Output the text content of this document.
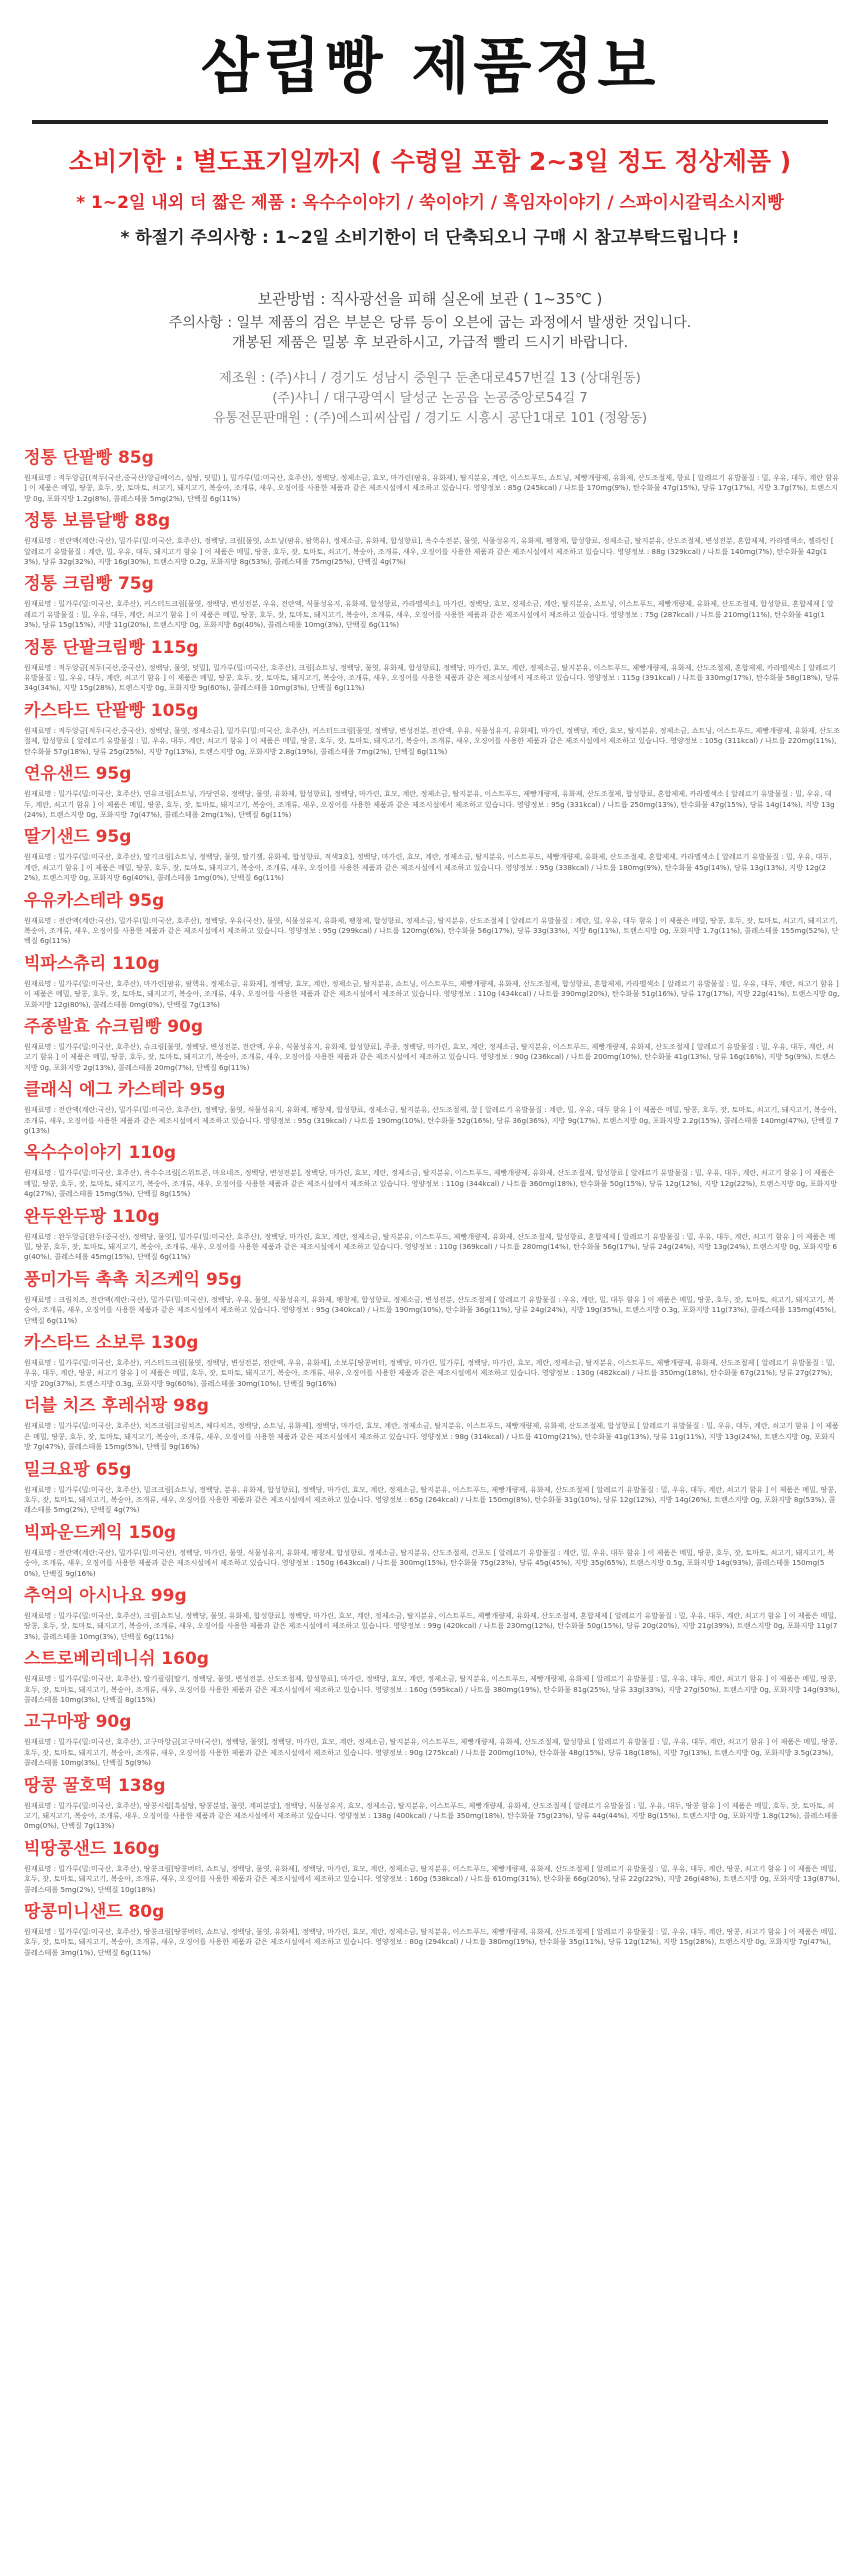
삼립빵 제품정보

소비기한 : 별도표기일까지 ( 수령일 포함 2~3일 정도 정상제품 )

* 1~2일 내외 더 짧은 제품 : 옥수수이야기 / 쑥이야기 / 흑임자이야기 / 스파이시갈릭소시지빵

* 하절기 주의사항 : 1~2일 소비기한이 더 단축되오니 구매 시 참고부탁드립니다 !

보관방법 : 직사광선을 피해 실온에 보관 ( 1~35℃ )
주의사항 : 일부 제품의 검은 부분은 당류 등이 오븐에 굽는 과정에서 발생한 것입니다.
개봉된 제품은 밀봉 후 보관하시고, 가급적 빨리 드시기 바랍니다.
제조원 : (주)샤니 / 경기도 성남시 중원구 둔촌대로457번길 13 (상대원동)
(주)샤니 / 대구광역시 달성군 논공읍 논공중앙로54길 7
유통전문판매원 : (주)에스피씨삼립 / 경기도 시흥시 공단1대로 101 (정왕동)
정통 단팥빵 85g

원재료명 : 적두앙금[(적두(국산,중국산)앙금베이스, 설탕, 덧밀) ], 밀가루(밀:미국산, 호주산), 정백당, 정제소금, 효모, 마가린(팜유, 유화제), 탈지분유, 계란, 이스트푸드, 쇼트닝, 제빵개량제, 유화제, 산도조절제, 향료 [ 알레르기 유발물질 : 밀, 우유, 대두, 계란 함유 ] 이 제품은 메밀, 땅콩, 호두, 잣, 토마토, 쇠고기, 돼지고기, 복숭아, 조개류, 새우, 오징어를 사용한 제품과 같은 제조시설에서 제조하고 있습니다. 영양정보 : 85g (245kcal) / 나트륨 170mg(9%), 탄수화물 47g(15%), 당류 17g(17%), 지방 3.7g(7%), 트랜스지방 0g, 포화지방 1.2g(8%), 콜레스테롤 5mg(2%), 단백질 6g(11%)

정통 보름달빵 88g

원재료명 : 전란액(계란:국산), 밀가루(밀:미국산, 호주산), 정백당, 크림[물엿, 쇼트닝(팜유, 팜핵유), 정제소금, 유화제, 합성향료], 옥수수전분, 물엿, 식물성유지, 유화제, 팽창제, 합성향료, 정제소금, 탈지분유, 산도조절제, 변성전분, 혼합제제, 카라멜색소, 젤라틴 [ 알레르기 유발물질 : 계란, 밀, 우유, 대두, 돼지고기 함유 ] 이 제품은 메밀, 땅콩, 호두, 잣, 토마토, 쇠고기, 복숭아, 조개류, 새우, 오징어를 사용한 제품과 같은 제조시설에서 제조하고 있습니다. 영양정보 : 88g (329kcal) / 나트륨 140mg(7%), 탄수화물 42g(13%), 당류 32g(32%), 지방 16g(30%), 트랜스지방 0.2g, 포화지방 8g(53%), 콜레스테롤 75mg(25%), 단백질 4g(7%)

정통 크림빵 75g

원재료명 : 밀가루(밀:미국산, 호주산), 커스터드크림[물엿, 정백당, 변성전분, 우유, 전란액, 식물성유지, 유화제, 합성향료, 카라멜색소], 마가린, 정백당, 효모, 정제소금, 계란, 탈지분유, 쇼트닝, 이스트푸드, 제빵개량제, 유화제, 산도조절제, 합성향료, 혼합제제 [ 알레르기 유발물질 : 밀, 우유, 대두, 계란, 쇠고기 함유 ] 이 제품은 메밀, 땅콩, 호두, 잣, 토마토, 돼지고기, 복숭아, 조개류, 새우, 오징어를 사용한 제품과 같은 제조시설에서 제조하고 있습니다. 영양정보 : 75g (287kcal) / 나트륨 210mg(11%), 탄수화물 41g(13%), 당류 15g(15%), 지방 11g(20%), 트랜스지방 0g, 포화지방 6g(40%), 콜레스테롤 10mg(3%), 단백질 6g(11%)

정통 단팥크림빵 115g

원재료명 : 적두앙금[적두(국산,중국산), 정백당, 물엿, 덧밀], 밀가루(밀:미국산, 호주산), 크림[쇼트닝, 정백당, 물엿, 유화제, 합성향료], 정백당, 마가린, 효모, 계란, 정제소금, 탈지분유, 이스트푸드, 제빵개량제, 유화제, 산도조절제, 혼합제제, 카라멜색소 [ 알레르기 유발물질 : 밀, 우유, 대두, 계란, 쇠고기 함유 ] 이 제품은 메밀, 땅콩, 호두, 잣, 토마토, 돼지고기, 복숭아, 조개류, 새우, 오징어를 사용한 제품과 같은 제조시설에서 제조하고 있습니다. 영양정보 : 115g (391kcal) / 나트륨 330mg(17%), 탄수화물 58g(18%), 당류 34g(34%), 지방 15g(28%), 트랜스지방 0g, 포화지방 9g(60%), 콜레스테롤 10mg(3%), 단백질 6g(11%)

카스타드 단팥빵 105g

원재료명 : 적두앙금[적두(국산,중국산), 정백당, 물엿, 정제소금], 밀가루(밀:미국산, 호주산), 커스터드크림[물엿, 정백당, 변성전분, 전란액, 우유, 식물성유지, 유화제], 마가린, 정백당, 계란, 효모, 탈지분유, 정제소금, 쇼트닝, 이스트푸드, 제빵개량제, 유화제, 산도조절제, 합성향료 [ 알레르기 유발물질 : 밀, 우유, 대두, 계란, 쇠고기 함유 ] 이 제품은 메밀, 땅콩, 호두, 잣, 토마토, 돼지고기, 복숭아, 조개류, 새우, 오징어를 사용한 제품과 같은 제조시설에서 제조하고 있습니다. 영양정보 : 105g (311kcal) / 나트륨 220mg(11%), 탄수화물 57g(18%), 당류 25g(25%), 지방 7g(13%), 트랜스지방 0g, 포화지방 2.8g(19%), 콜레스테롤 7mg(2%), 단백질 6g(11%)

연유샌드 95g

원재료명 : 밀가루(밀:미국산, 호주산), 연유크림[쇼트닝, 가당연유, 정백당, 물엿, 유화제, 합성향료], 정백당, 마가린, 효모, 계란, 정제소금, 탈지분유, 이스트푸드, 제빵개량제, 유화제, 산도조절제, 합성향료, 혼합제제, 카라멜색소 [ 알레르기 유발물질 : 밀, 우유, 대두, 계란, 쇠고기 함유 ] 이 제품은 메밀, 땅콩, 호두, 잣, 토마토, 돼지고기, 복숭아, 조개류, 새우, 오징어를 사용한 제품과 같은 제조시설에서 제조하고 있습니다. 영양정보 : 95g (331kcal) / 나트륨 250mg(13%), 탄수화물 47g(15%), 당류 14g(14%), 지방 13g(24%), 트랜스지방 0g, 포화지방 7g(47%), 콜레스테롤 2mg(1%), 단백질 6g(11%)

딸기샌드 95g

원재료명 : 밀가루(밀:미국산, 호주산), 딸기크림[쇼트닝, 정백당, 물엿, 딸기잼, 유화제, 합성향료, 적색3호], 정백당, 마가린, 효모, 계란, 정제소금, 탈지분유, 이스트푸드, 제빵개량제, 유화제, 산도조절제, 혼합제제, 카라멜색소 [ 알레르기 유발물질 : 밀, 우유, 대두, 계란, 쇠고기 함유 ] 이 제품은 메밀, 땅콩, 호두, 잣, 토마토, 돼지고기, 복숭아, 조개류, 새우, 오징어를 사용한 제품과 같은 제조시설에서 제조하고 있습니다. 영양정보 : 95g (338kcal) / 나트륨 180mg(9%), 탄수화물 45g(14%), 당류 13g(13%), 지방 12g(22%), 트랜스지방 0g, 포화지방 6g(40%), 콜레스테롤 1mg(0%), 단백질 6g(11%)

우유카스테라 95g

원재료명 : 전란액(계란:국산), 밀가루(밀:미국산, 호주산), 정백당, 우유(국산), 물엿, 식물성유지, 유화제, 팽창제, 합성향료, 정제소금, 탈지분유, 산도조절제 [ 알레르기 유발물질 : 계란, 밀, 우유, 대두 함유 ] 이 제품은 메밀, 땅콩, 호두, 잣, 토마토, 쇠고기, 돼지고기, 복숭아, 조개류, 새우, 오징어를 사용한 제품과 같은 제조시설에서 제조하고 있습니다. 영양정보 : 95g (299kcal) / 나트륨 120mg(6%), 탄수화물 56g(17%), 당류 33g(33%), 지방 6g(11%), 트랜스지방 0g, 포화지방 1.7g(11%), 콜레스테롤 155mg(52%), 단백질 6g(11%)

빅파스츄리 110g

원재료명 : 밀가루(밀:미국산, 호주산), 마가린[팜유, 팜핵유, 정제소금, 유화제], 정백당, 효모, 계란, 정제소금, 탈지분유, 쇼트닝, 이스트푸드, 제빵개량제, 유화제, 산도조절제, 합성향료, 혼합제제, 카라멜색소 [ 알레르기 유발물질 : 밀, 우유, 대두, 계란, 쇠고기 함유 ] 이 제품은 메밀, 땅콩, 호두, 잣, 토마토, 돼지고기, 복숭아, 조개류, 새우, 오징어를 사용한 제품과 같은 제조시설에서 제조하고 있습니다. 영양정보 : 110g (434kcal) / 나트륨 390mg(20%), 탄수화물 51g(16%), 당류 17g(17%), 지방 22g(41%), 트랜스지방 0g, 포화지방 12g(80%), 콜레스테롤 0mg(0%), 단백질 7g(13%)

주종발효 슈크림빵 90g

원재료명 : 밀가루(밀:미국산, 호주산), 슈크림[물엿, 정백당, 변성전분, 전란액, 우유, 식물성유지, 유화제, 합성향료], 주종, 정백당, 마가린, 효모, 계란, 정제소금, 탈지분유, 이스트푸드, 제빵개량제, 유화제, 산도조절제 [ 알레르기 유발물질 : 밀, 우유, 대두, 계란, 쇠고기 함유 ] 이 제품은 메밀, 땅콩, 호두, 잣, 토마토, 돼지고기, 복숭아, 조개류, 새우, 오징어를 사용한 제품과 같은 제조시설에서 제조하고 있습니다. 영양정보 : 90g (236kcal) / 나트륨 200mg(10%), 탄수화물 41g(13%), 당류 16g(16%), 지방 5g(9%), 트랜스지방 0g, 포화지방 2g(13%), 콜레스테롤 20mg(7%), 단백질 6g(11%)

클래식 에그 카스테라 95g

원재료명 : 전란액(계란:국산), 밀가루(밀:미국산, 호주산), 정백당, 물엿, 식물성유지, 유화제, 팽창제, 합성향료, 정제소금, 탈지분유, 산도조절제, 꿀 [ 알레르기 유발물질 : 계란, 밀, 우유, 대두 함유 ] 이 제품은 메밀, 땅콩, 호두, 잣, 토마토, 쇠고기, 돼지고기, 복숭아, 조개류, 새우, 오징어를 사용한 제품과 같은 제조시설에서 제조하고 있습니다. 영양정보 : 95g (319kcal) / 나트륨 190mg(10%), 탄수화물 52g(16%), 당류 36g(36%), 지방 9g(17%), 트랜스지방 0g, 포화지방 2.2g(15%), 콜레스테롤 140mg(47%), 단백질 7g(13%)

옥수수이야기 110g

원재료명 : 밀가루(밀:미국산, 호주산), 옥수수크림[스위트콘, 마요네즈, 정백당, 변성전분], 정백당, 마가린, 효모, 계란, 정제소금, 탈지분유, 이스트푸드, 제빵개량제, 유화제, 산도조절제, 합성향료 [ 알레르기 유발물질 : 밀, 우유, 대두, 계란, 쇠고기 함유 ] 이 제품은 메밀, 땅콩, 호두, 잣, 토마토, 돼지고기, 복숭아, 조개류, 새우, 오징어를 사용한 제품과 같은 제조시설에서 제조하고 있습니다. 영양정보 : 110g (344kcal) / 나트륨 360mg(18%), 탄수화물 50g(15%), 당류 12g(12%), 지방 12g(22%), 트랜스지방 0g, 포화지방 4g(27%), 콜레스테롤 15mg(5%), 단백질 8g(15%)

완두완두팡 110g

원재료명 : 완두앙금[완두(중국산), 정백당, 물엿], 밀가루(밀:미국산, 호주산), 정백당, 마가린, 효모, 계란, 정제소금, 탈지분유, 이스트푸드, 제빵개량제, 유화제, 산도조절제, 합성향료, 혼합제제 [ 알레르기 유발물질 : 밀, 우유, 대두, 계란, 쇠고기 함유 ] 이 제품은 메밀, 땅콩, 호두, 잣, 토마토, 돼지고기, 복숭아, 조개류, 새우, 오징어를 사용한 제품과 같은 제조시설에서 제조하고 있습니다. 영양정보 : 110g (369kcal) / 나트륨 280mg(14%), 탄수화물 56g(17%), 당류 24g(24%), 지방 13g(24%), 트랜스지방 0g, 포화지방 6g(40%), 콜레스테롤 45mg(15%), 단백질 6g(11%)

풍미가득 촉촉 치즈케익 95g

원재료명 : 크림치즈, 전란액(계란:국산), 밀가루(밀:미국산), 정백당, 우유, 물엿, 식물성유지, 유화제, 팽창제, 합성향료, 정제소금, 변성전분, 산도조절제 [ 알레르기 유발물질 : 우유, 계란, 밀, 대두 함유 ] 이 제품은 메밀, 땅콩, 호두, 잣, 토마토, 쇠고기, 돼지고기, 복숭아, 조개류, 새우, 오징어를 사용한 제품과 같은 제조시설에서 제조하고 있습니다. 영양정보 : 95g (340kcal) / 나트륨 190mg(10%), 탄수화물 36g(11%), 당류 24g(24%), 지방 19g(35%), 트랜스지방 0.3g, 포화지방 11g(73%), 콜레스테롤 135mg(45%), 단백질 6g(11%)

카스타드 소보루 130g

원재료명 : 밀가루(밀:미국산, 호주산), 커스터드크림[물엿, 정백당, 변성전분, 전란액, 우유, 유화제], 소보루[땅콩버터, 정백당, 마가린, 밀가루], 정백당, 마가린, 효모, 계란, 정제소금, 탈지분유, 이스트푸드, 제빵개량제, 유화제, 산도조절제 [ 알레르기 유발물질 : 밀, 우유, 대두, 계란, 땅콩, 쇠고기 함유 ] 이 제품은 메밀, 호두, 잣, 토마토, 돼지고기, 복숭아, 조개류, 새우, 오징어를 사용한 제품과 같은 제조시설에서 제조하고 있습니다. 영양정보 : 130g (482kcal) / 나트륨 350mg(18%), 탄수화물 67g(21%), 당류 27g(27%), 지방 20g(37%), 트랜스지방 0.3g, 포화지방 9g(60%), 콜레스테롤 30mg(10%), 단백질 9g(16%)

더블 치즈 후레쉬팡 98g

원재료명 : 밀가루(밀:미국산, 호주산), 치즈크림[크림치즈, 체다치즈, 정백당, 쇼트닝, 유화제], 정백당, 마가린, 효모, 계란, 정제소금, 탈지분유, 이스트푸드, 제빵개량제, 유화제, 산도조절제, 합성향료 [ 알레르기 유발물질 : 밀, 우유, 대두, 계란, 쇠고기 함유 ] 이 제품은 메밀, 땅콩, 호두, 잣, 토마토, 돼지고기, 복숭아, 조개류, 새우, 오징어를 사용한 제품과 같은 제조시설에서 제조하고 있습니다. 영양정보 : 98g (314kcal) / 나트륨 410mg(21%), 탄수화물 41g(13%), 당류 11g(11%), 지방 13g(24%), 트랜스지방 0g, 포화지방 7g(47%), 콜레스테롤 15mg(5%), 단백질 9g(16%)

밀크요팡 65g

원재료명 : 밀가루(밀:미국산, 호주산), 밀크크림[쇼트닝, 정백당, 분유, 유화제, 합성향료], 정백당, 마가린, 효모, 계란, 정제소금, 탈지분유, 이스트푸드, 제빵개량제, 유화제, 산도조절제 [ 알레르기 유발물질 : 밀, 우유, 대두, 계란, 쇠고기 함유 ] 이 제품은 메밀, 땅콩, 호두, 잣, 토마토, 돼지고기, 복숭아, 조개류, 새우, 오징어를 사용한 제품과 같은 제조시설에서 제조하고 있습니다. 영양정보 : 65g (264kcal) / 나트륨 150mg(8%), 탄수화물 31g(10%), 당류 12g(12%), 지방 14g(26%), 트랜스지방 0g, 포화지방 8g(53%), 콜레스테롤 5mg(2%), 단백질 4g(7%)

빅파운드케익 150g

원재료명 : 전란액(계란:국산), 밀가루(밀:미국산), 정백당, 마가린, 물엿, 식물성유지, 유화제, 팽창제, 합성향료, 정제소금, 탈지분유, 산도조절제, 건포도 [ 알레르기 유발물질 : 계란, 밀, 우유, 대두 함유 ] 이 제품은 메밀, 땅콩, 호두, 잣, 토마토, 쇠고기, 돼지고기, 복숭아, 조개류, 새우, 오징어를 사용한 제품과 같은 제조시설에서 제조하고 있습니다. 영양정보 : 150g (643kcal) / 나트륨 300mg(15%), 탄수화물 75g(23%), 당류 45g(45%), 지방 35g(65%), 트랜스지방 0.5g, 포화지방 14g(93%), 콜레스테롤 150mg(50%), 단백질 9g(16%)

추억의 아시나요 99g

원재료명 : 밀가루(밀:미국산, 호주산), 크림[쇼트닝, 정백당, 물엿, 유화제, 합성향료], 정백당, 마가린, 효모, 계란, 정제소금, 탈지분유, 이스트푸드, 제빵개량제, 유화제, 산도조절제, 혼합제제 [ 알레르기 유발물질 : 밀, 우유, 대두, 계란, 쇠고기 함유 ] 이 제품은 메밀, 땅콩, 호두, 잣, 토마토, 돼지고기, 복숭아, 조개류, 새우, 오징어를 사용한 제품과 같은 제조시설에서 제조하고 있습니다. 영양정보 : 99g (420kcal) / 나트륨 230mg(12%), 탄수화물 50g(15%), 당류 20g(20%), 지방 21g(39%), 트랜스지방 0g, 포화지방 11g(73%), 콜레스테롤 10mg(3%), 단백질 6g(11%)

스트로베리데니쉬 160g

원재료명 : 밀가루(밀:미국산, 호주산), 딸기필링[딸기, 정백당, 물엿, 변성전분, 산도조절제, 합성향료], 마가린, 정백당, 효모, 계란, 정제소금, 탈지분유, 이스트푸드, 제빵개량제, 유화제 [ 알레르기 유발물질 : 밀, 우유, 대두, 계란, 쇠고기 함유 ] 이 제품은 메밀, 땅콩, 호두, 잣, 토마토, 돼지고기, 복숭아, 조개류, 새우, 오징어를 사용한 제품과 같은 제조시설에서 제조하고 있습니다. 영양정보 : 160g (595kcal) / 나트륨 380mg(19%), 탄수화물 81g(25%), 당류 33g(33%), 지방 27g(50%), 트랜스지방 0g, 포화지방 14g(93%), 콜레스테롤 10mg(3%), 단백질 8g(15%)

고구마팡 90g

원재료명 : 밀가루(밀:미국산, 호주산), 고구마앙금[고구마(국산), 정백당, 물엿], 정백당, 마가린, 효모, 계란, 정제소금, 탈지분유, 이스트푸드, 제빵개량제, 유화제, 산도조절제, 합성향료 [ 알레르기 유발물질 : 밀, 우유, 대두, 계란, 쇠고기 함유 ] 이 제품은 메밀, 땅콩, 호두, 잣, 토마토, 돼지고기, 복숭아, 조개류, 새우, 오징어를 사용한 제품과 같은 제조시설에서 제조하고 있습니다. 영양정보 : 90g (275kcal) / 나트륨 200mg(10%), 탄수화물 48g(15%), 당류 18g(18%), 지방 7g(13%), 트랜스지방 0g, 포화지방 3.5g(23%), 콜레스테롤 10mg(3%), 단백질 5g(9%)

땅콩 꿀호떡 138g

원재료명 : 밀가루(밀:미국산, 호주산), 땅콩시럽[흑설탕, 땅콩분말, 물엿, 계피분말], 정백당, 식물성유지, 효모, 정제소금, 탈지분유, 이스트푸드, 제빵개량제, 유화제, 산도조절제 [ 알레르기 유발물질 : 밀, 우유, 대두, 땅콩 함유 ] 이 제품은 메밀, 호두, 잣, 토마토, 쇠고기, 돼지고기, 복숭아, 조개류, 새우, 오징어를 사용한 제품과 같은 제조시설에서 제조하고 있습니다. 영양정보 : 138g (400kcal) / 나트륨 350mg(18%), 탄수화물 75g(23%), 당류 44g(44%), 지방 8g(15%), 트랜스지방 0g, 포화지방 1.8g(12%), 콜레스테롤 0mg(0%), 단백질 7g(13%)

빅땅콩샌드 160g

원재료명 : 밀가루(밀:미국산, 호주산), 땅콩크림[땅콩버터, 쇼트닝, 정백당, 물엿, 유화제], 정백당, 마가린, 효모, 계란, 정제소금, 탈지분유, 이스트푸드, 제빵개량제, 유화제, 산도조절제 [ 알레르기 유발물질 : 밀, 우유, 대두, 계란, 땅콩, 쇠고기 함유 ] 이 제품은 메밀, 호두, 잣, 토마토, 돼지고기, 복숭아, 조개류, 새우, 오징어를 사용한 제품과 같은 제조시설에서 제조하고 있습니다. 영양정보 : 160g (538kcal) / 나트륨 610mg(31%), 탄수화물 66g(20%), 당류 22g(22%), 지방 26g(48%), 트랜스지방 0g, 포화지방 13g(87%), 콜레스테롤 5mg(2%), 단백질 10g(18%)

땅콩미니샌드 80g

원재료명 : 밀가루(밀:미국산, 호주산), 땅콩크림[땅콩버터, 쇼트닝, 정백당, 물엿, 유화제], 정백당, 마가린, 효모, 계란, 정제소금, 탈지분유, 이스트푸드, 제빵개량제, 유화제, 산도조절제 [ 알레르기 유발물질 : 밀, 우유, 대두, 계란, 땅콩, 쇠고기 함유 ] 이 제품은 메밀, 호두, 잣, 토마토, 돼지고기, 복숭아, 조개류, 새우, 오징어를 사용한 제품과 같은 제조시설에서 제조하고 있습니다. 영양정보 : 80g (294kcal) / 나트륨 380mg(19%), 탄수화물 35g(11%), 당류 12g(12%), 지방 15g(28%), 트랜스지방 0g, 포화지방 7g(47%), 콜레스테롤 3mg(1%), 단백질 6g(11%)
